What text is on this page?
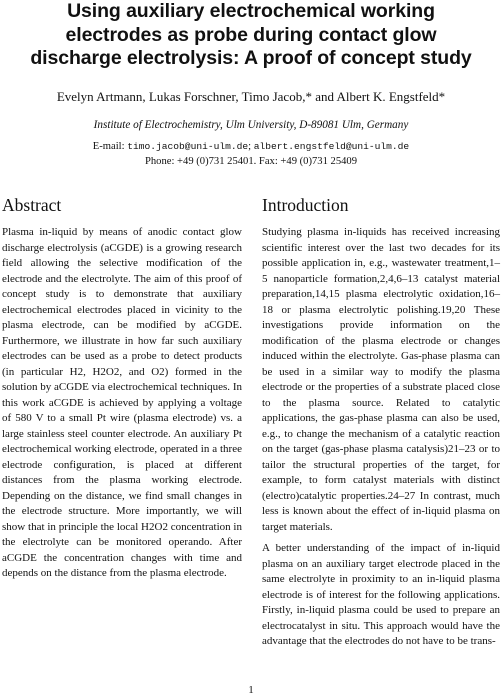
Using auxiliary electrochemical working
electrodes as probe during contact glow
discharge electrolysis: A proof of concept study
Evelyn Artmann, Lukas Forschner, Timo Jacob,* and Albert K. Engstfeld*
Institute of Electrochemistry, Ulm University, D-89081 Ulm, Germany
E-mail: timo.jacob@uni-ulm.de; albert.engstfeld@uni-ulm.de
Phone: +49 (0)731 25401. Fax: +49 (0)731 25409
Abstract

Plasma in-liquid by means of anodic contact glow discharge electrolysis (aCGDE) is a growing research field allowing the selective modification of the electrode and the electrolyte. The aim of this proof of concept study is to demonstrate that auxiliary electrochemical electrodes placed in vicinity to the plasma electrode, can be modified by aCGDE. Furthermore, we illustrate in how far such auxiliary electrodes can be used as a probe to detect products (in particular H2, H2O2, and O2) formed in the solution by aCGDE via electrochemical techniques. In this work aCGDE is achieved by applying a voltage of 580 V to a small Pt wire (plasma electrode) vs. a large stainless steel counter electrode. An auxiliary Pt electrochemical working electrode, operated in a three electrode configuration, is placed at different distances from the plasma working electrode. Depending on the distance, we find small changes in the electrode structure. More importantly, we will show that in principle the local H2O2 concentration in the electrolyte can be monitored operando. After aCGDE the concentration changes with time and depends on the distance from the plasma electrode.

Introduction

Studying plasma in-liquids has received increasing scientific interest over the last two decades for its possible application in, e.g., wastewater treatment,1–5 nanoparticle formation,2,4,6–13 catalyst material preparation,14,15 plasma electrolytic oxidation,16–18 or plasma electrolytic polishing.19,20 These investigations provide information on the modification of the plasma electrode or changes induced within the electrolyte. Gas-phase plasma can be used in a similar way to modify the plasma electrode or the properties of a substrate placed close to the plasma source. Related to catalytic applications, the gas-phase plasma can also be used, e.g., to change the mechanism of a catalytic reaction on the target (gas-phase plasma catalysis)21–23 or to tailor the structural properties of the target, for example, to form catalyst materials with distinct (electro)catalytic properties.24–27 In contrast, much less is known about the effect of in-liquid plasma on target materials.

A better understanding of the impact of in-liquid plasma on an auxiliary target electrode placed in the same electrolyte in proximity to an in-liquid plasma electrode is of interest for the following applications. Firstly, in-liquid plasma could be used to prepare an electrocatalyst in situ. This approach would have the advantage that the electrodes do not have to be trans-

1
